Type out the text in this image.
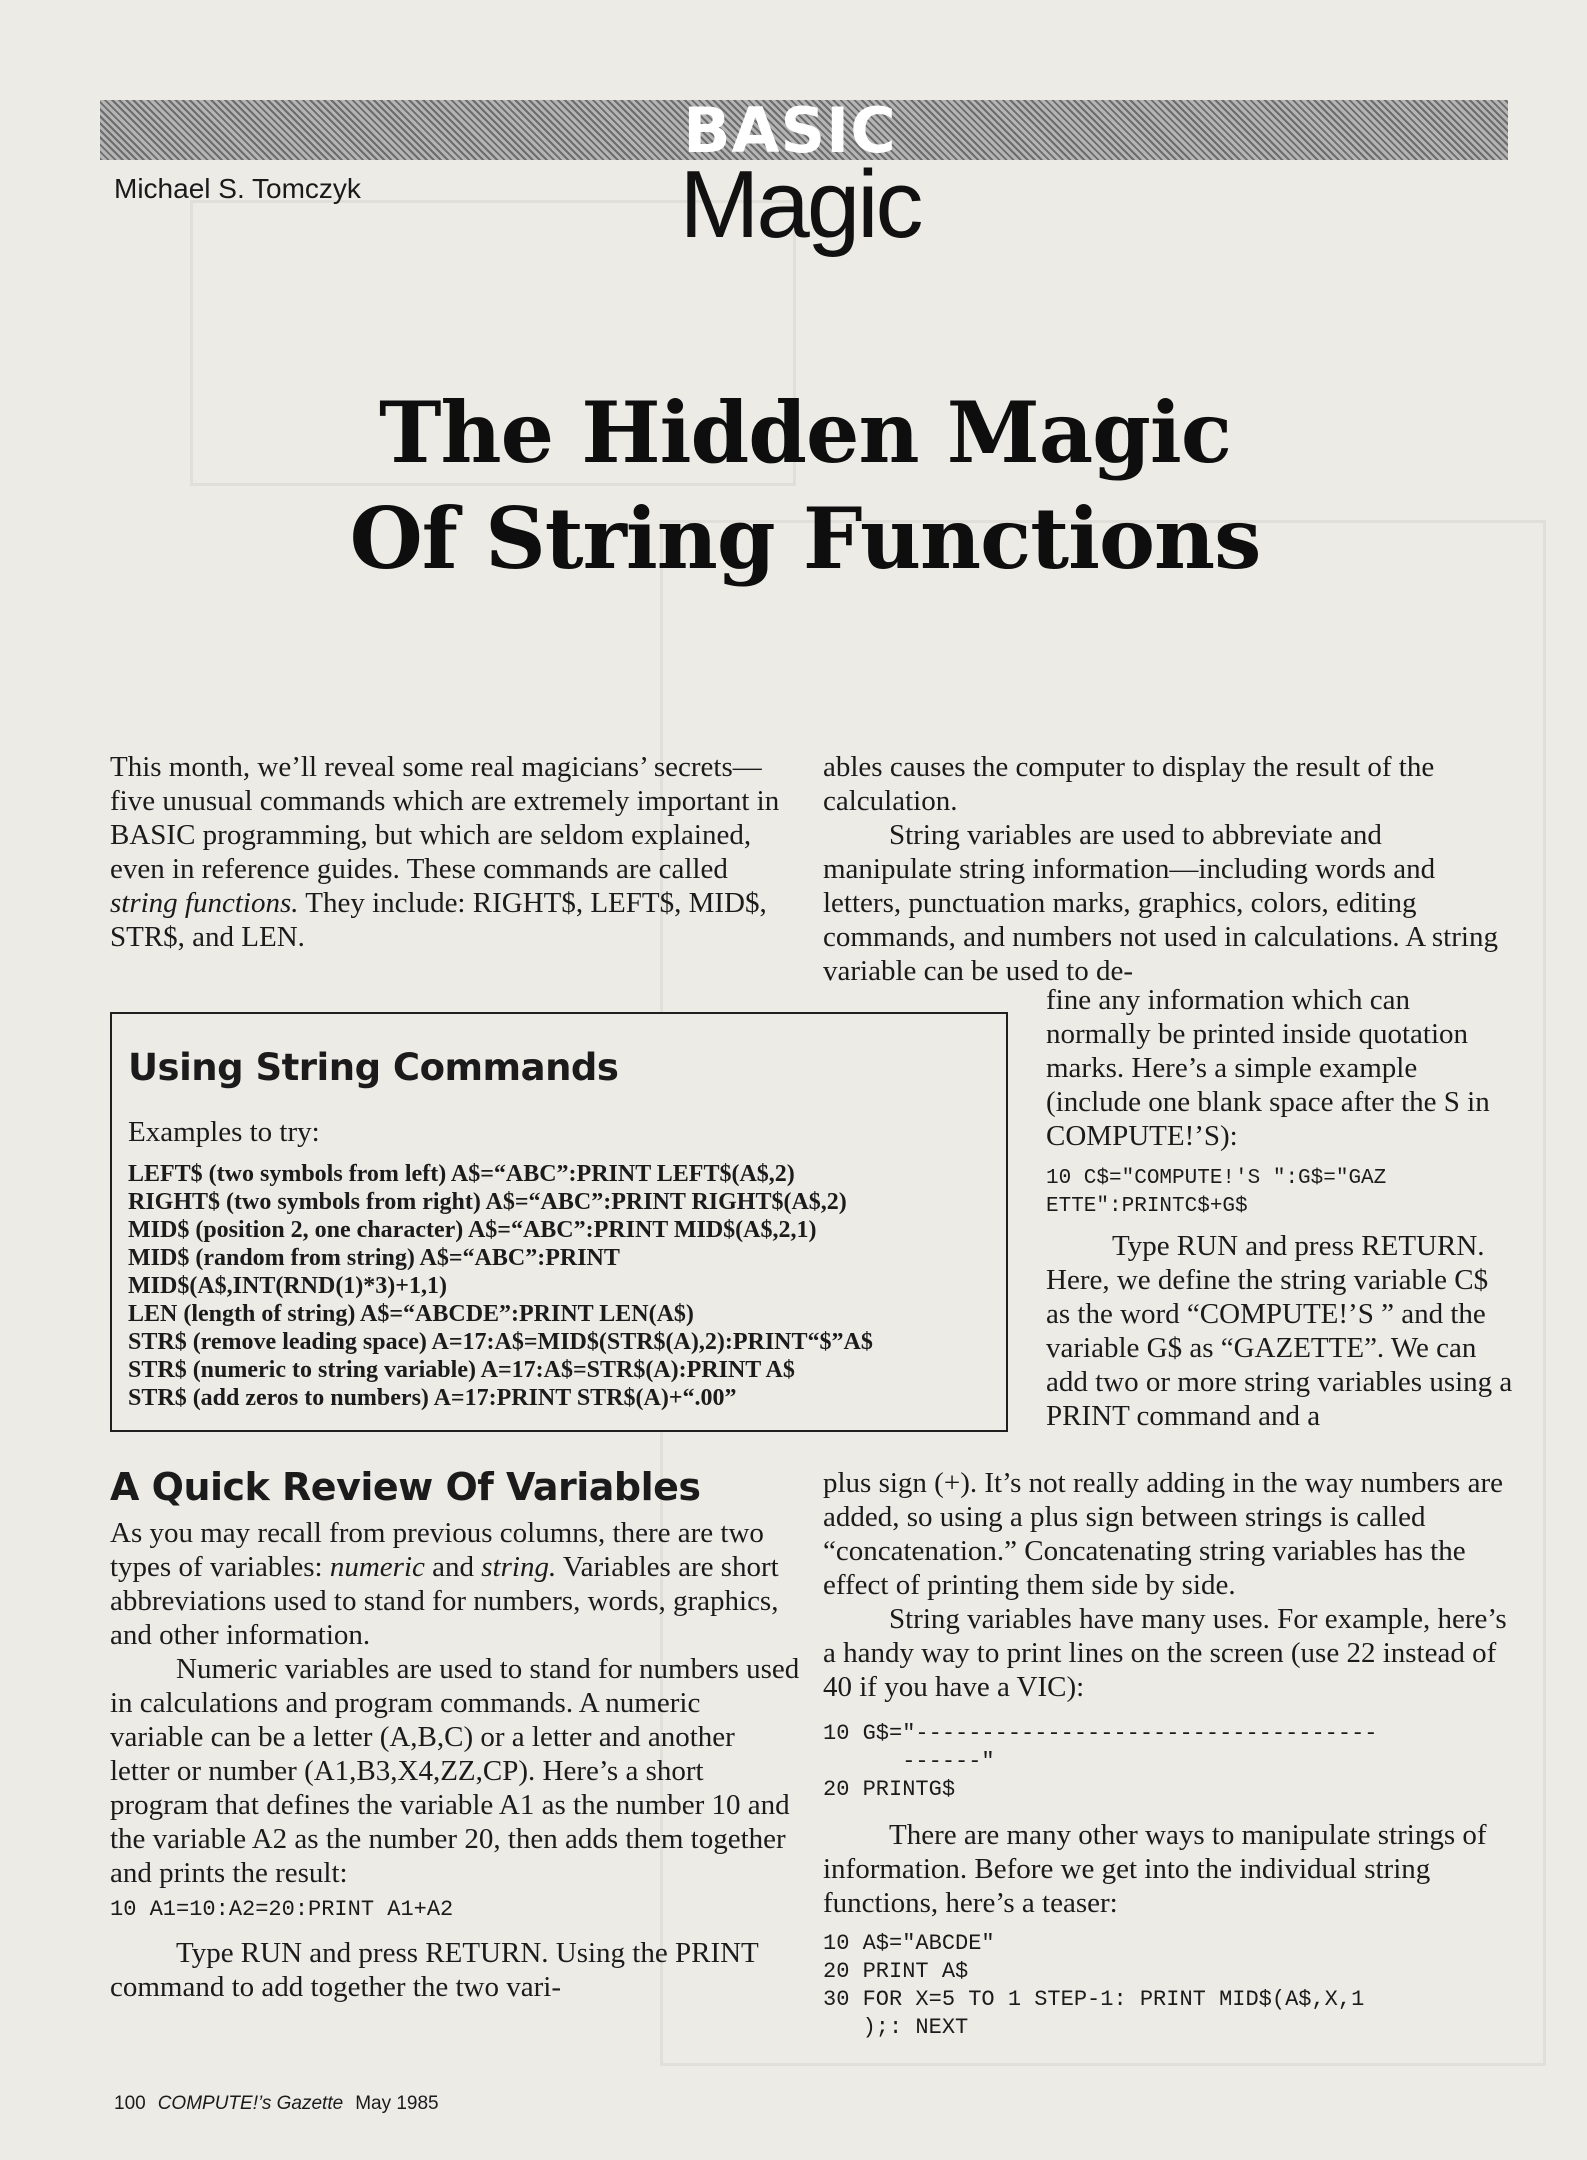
BASIC
Magic
Michael S. Tomczyk
The Hidden Magic
Of String Functions

This month, we’ll reveal some real magicians’ secrets—five unusual commands which are extremely important in BASIC programming, but which are seldom explained, even in reference guides. These commands are called string functions. They include: RIGHT$, LEFT$, MID$, STR$, and LEN.

Using String Commands
Examples to try:
LEFT$ (two symbols from left) A$=“ABC”:PRINT LEFT$(A$,2)
RIGHT$ (two symbols from right) A$=“ABC”:PRINT RIGHT$(A$,2)
MID$ (position 2, one character) A$=“ABC”:PRINT MID$(A$,2,1)
MID$ (random from string) A$=“ABC”:PRINT
MID$(A$,INT(RND(1)*3)+1,1)
LEN (length of string) A$=“ABCDE”:PRINT LEN(A$)
STR$ (remove leading space) A=17:A$=MID$(STR$(A),2):PRINT“$”A$
STR$ (numeric to string variable) A=17:A$=STR$(A):PRINT A$
STR$ (add zeros to numbers) A=17:PRINT STR$(A)+“.00”
A Quick Review Of Variables

As you may recall from previous columns, there are two types of variables: numeric and string. Variables are short abbreviations used to stand for numbers, words, graphics, and other information.

Numeric variables are used to stand for numbers used in calculations and program commands. A numeric variable can be a letter (A,B,C) or a letter and another letter or number (A1,B3,X4,ZZ,CP). Here’s a short program that defines the variable A1 as the number 10 and the variable A2 as the number 20, then adds them together and prints the result:

10 A1=10:A2=20:PRINT A1+A2

Type RUN and press RETURN. Using the PRINT command to add together the two vari-

ables causes the computer to display the result of the calculation.

String variables are used to abbreviate and manipulate string information—including words and letters, punctuation marks, graphics, colors, editing commands, and numbers not used in calculations. A string variable can be used to de-

fine any information which can normally be printed inside quotation marks. Here’s a simple example (include one blank space after the S in COMPUTE!’S):

10 C$="COMPUTE!'S ":G$="GAZ
ETTE":PRINTC$+G$

Type RUN and press RETURN. Here, we define the string variable C$ as the word “COMPUTE!’S ” and the variable G$ as “GAZETTE”. We can add two or more string variables using a PRINT command and a

plus sign (+). It’s not really adding in the way numbers are added, so using a plus sign between strings is called “concatenation.” Concatenating string variables has the effect of printing them side by side.

String variables have many uses. For example, here’s a handy way to print lines on the screen (use 22 instead of 40 if you have a VIC):

10 G$="-----------------------------------
------"
20 PRINTG$

There are many other ways to manipulate strings of information. Before we get into the individual string functions, here’s a teaser:

10 A$="ABCDE"
20 PRINT A$
30 FOR X=5 TO 1 STEP-1: PRINT MID$(A$,X,1
);: NEXT
100 COMPUTE!’s Gazette May 1985
